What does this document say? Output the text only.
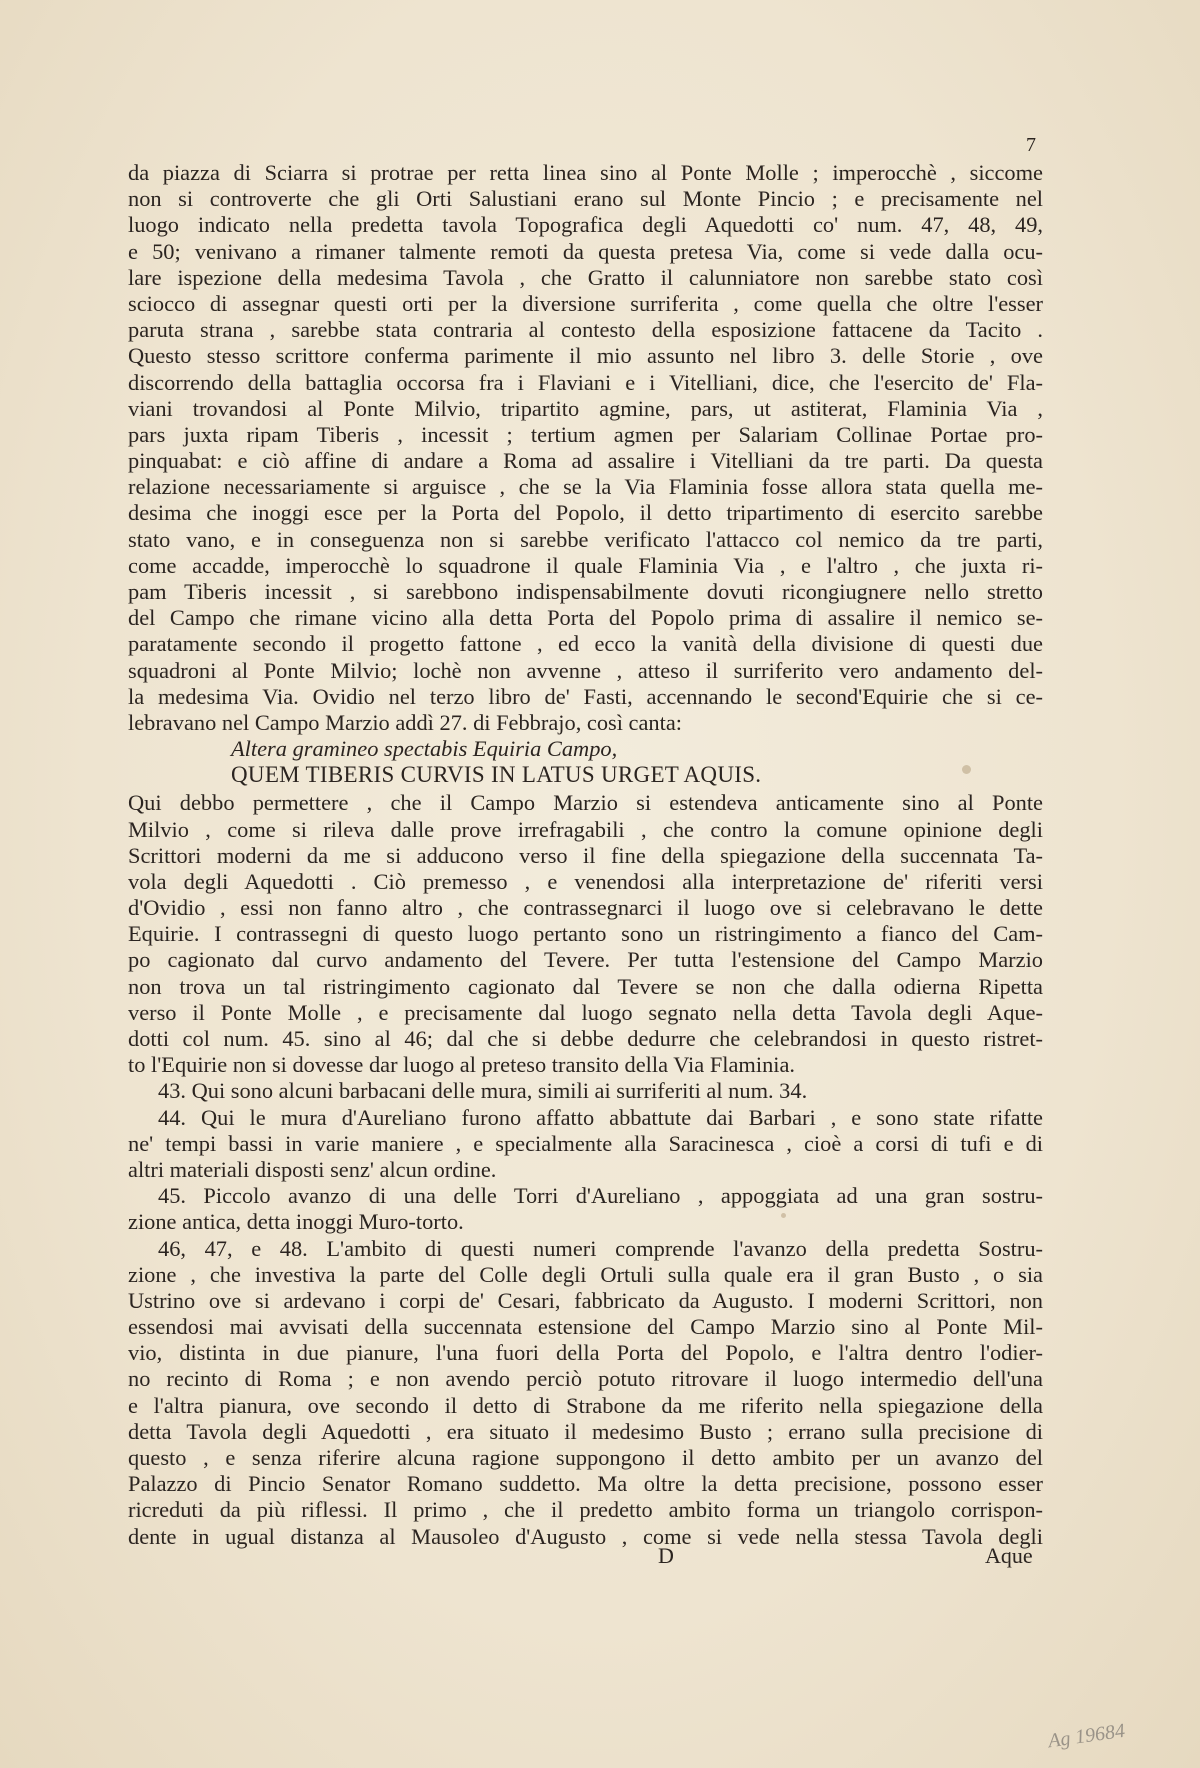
7
da piazza di Sciarra si protrae per retta linea sino al Ponte Molle ; imperocchè , siccome
non si controverte che gli Orti Salustiani erano sul Monte Pincio ; e precisamente nel
luogo indicato nella predetta tavola Topografica degli Aquedotti co' num. 47, 48, 49,
e 50; venivano a rimaner talmente remoti da questa pretesa Via, come si vede dalla ocu-
lare ispezione della medesima Tavola , che Gratto il calunniatore non sarebbe stato così
sciocco di assegnar questi orti per la diversione surriferita , come quella che oltre l'esser
paruta strana , sarebbe stata contraria al contesto della esposizione fattacene da Tacito .
Questo stesso scrittore conferma parimente il mio assunto nel libro 3. delle Storie , ove
discorrendo della battaglia occorsa fra i Flaviani e i Vitelliani, dice, che l'esercito de' Fla-
viani trovandosi al Ponte Milvio, tripartito agmine, pars, ut astiterat, Flaminia Via ,
pars juxta ripam Tiberis , incessit ; tertium agmen per Salariam Collinae Portae pro-
pinquabat: e ciò affine di andare a Roma ad assalire i Vitelliani da tre parti. Da questa
relazione necessariamente si arguisce , che se la Via Flaminia fosse allora stata quella me-
desima che inoggi esce per la Porta del Popolo, il detto tripartimento di esercito sarebbe
stato vano, e in conseguenza non si sarebbe verificato l'attacco col nemico da tre parti,
come accadde, imperocchè lo squadrone il quale Flaminia Via , e l'altro , che juxta ri-
pam Tiberis incessit , si sarebbono indispensabilmente dovuti ricongiugnere nello stretto
del Campo che rimane vicino alla detta Porta del Popolo prima di assalire il nemico se-
paratamente secondo il progetto fattone , ed ecco la vanità della divisione di questi due
squadroni al Ponte Milvio; lochè non avvenne , atteso il surriferito vero andamento del-
la medesima Via. Ovidio nel terzo libro de' Fasti, accennando le second'Equirie che si ce-
lebravano nel Campo Marzio addì 27. di Febbrajo, così canta:
Altera gramineo spectabis Equiria Campo,
QUEM TIBERIS CURVIS IN LATUS URGET AQUIS.
Qui debbo permettere , che il Campo Marzio si estendeva anticamente sino al Ponte
Milvio , come si rileva dalle prove irrefragabili , che contro la comune opinione degli
Scrittori moderni da me si adducono verso il fine della spiegazione della succennata Ta-
vola degli Aquedotti . Ciò premesso , e venendosi alla interpretazione de' riferiti versi
d'Ovidio , essi non fanno altro , che contrassegnarci il luogo ove si celebravano le dette
Equirie. I contrassegni di questo luogo pertanto sono un ristringimento a fianco del Cam-
po cagionato dal curvo andamento del Tevere. Per tutta l'estensione del Campo Marzio
non trova un tal ristringimento cagionato dal Tevere se non che dalla odierna Ripetta
verso il Ponte Molle , e precisamente dal luogo segnato nella detta Tavola degli Aque-
dotti col num. 45. sino al 46; dal che si debbe dedurre che celebrandosi in questo ristret-
to l'Equirie non si dovesse dar luogo al preteso transito della Via Flaminia.
43. Qui sono alcuni barbacani delle mura, simili ai surriferiti al num. 34.
44. Qui le mura d'Aureliano furono affatto abbattute dai Barbari , e sono state rifatte
ne' tempi bassi in varie maniere , e specialmente alla Saracinesca , cioè a corsi di tufi e di
altri materiali disposti senz' alcun ordine.
45. Piccolo avanzo di una delle Torri d'Aureliano , appoggiata ad una gran sostru-
zione antica, detta inoggi Muro-torto.
46, 47, e 48. L'ambito di questi numeri comprende l'avanzo della predetta Sostru-
zione , che investiva la parte del Colle degli Ortuli sulla quale era il gran Busto , o sia
Ustrino ove si ardevano i corpi de' Cesari, fabbricato da Augusto. I moderni Scrittori, non
essendosi mai avvisati della succennata estensione del Campo Marzio sino al Ponte Mil-
vio, distinta in due pianure, l'una fuori della Porta del Popolo, e l'altra dentro l'odier-
no recinto di Roma ; e non avendo perciò potuto ritrovare il luogo intermedio dell'una
e l'altra pianura, ove secondo il detto di Strabone da me riferito nella spiegazione della
detta Tavola degli Aquedotti , era situato il medesimo Busto ; errano sulla precisione di
questo , e senza riferire alcuna ragione suppongono il detto ambito per un avanzo del
Palazzo di Pincio Senator Romano suddetto. Ma oltre la detta precisione, possono esser
ricreduti da più riflessi. Il primo , che il predetto ambito forma un triangolo corrispon-
dente in ugual distanza al Mausoleo d'Augusto , come si vede nella stessa Tavola degli
D	Aque
Ag 19684
